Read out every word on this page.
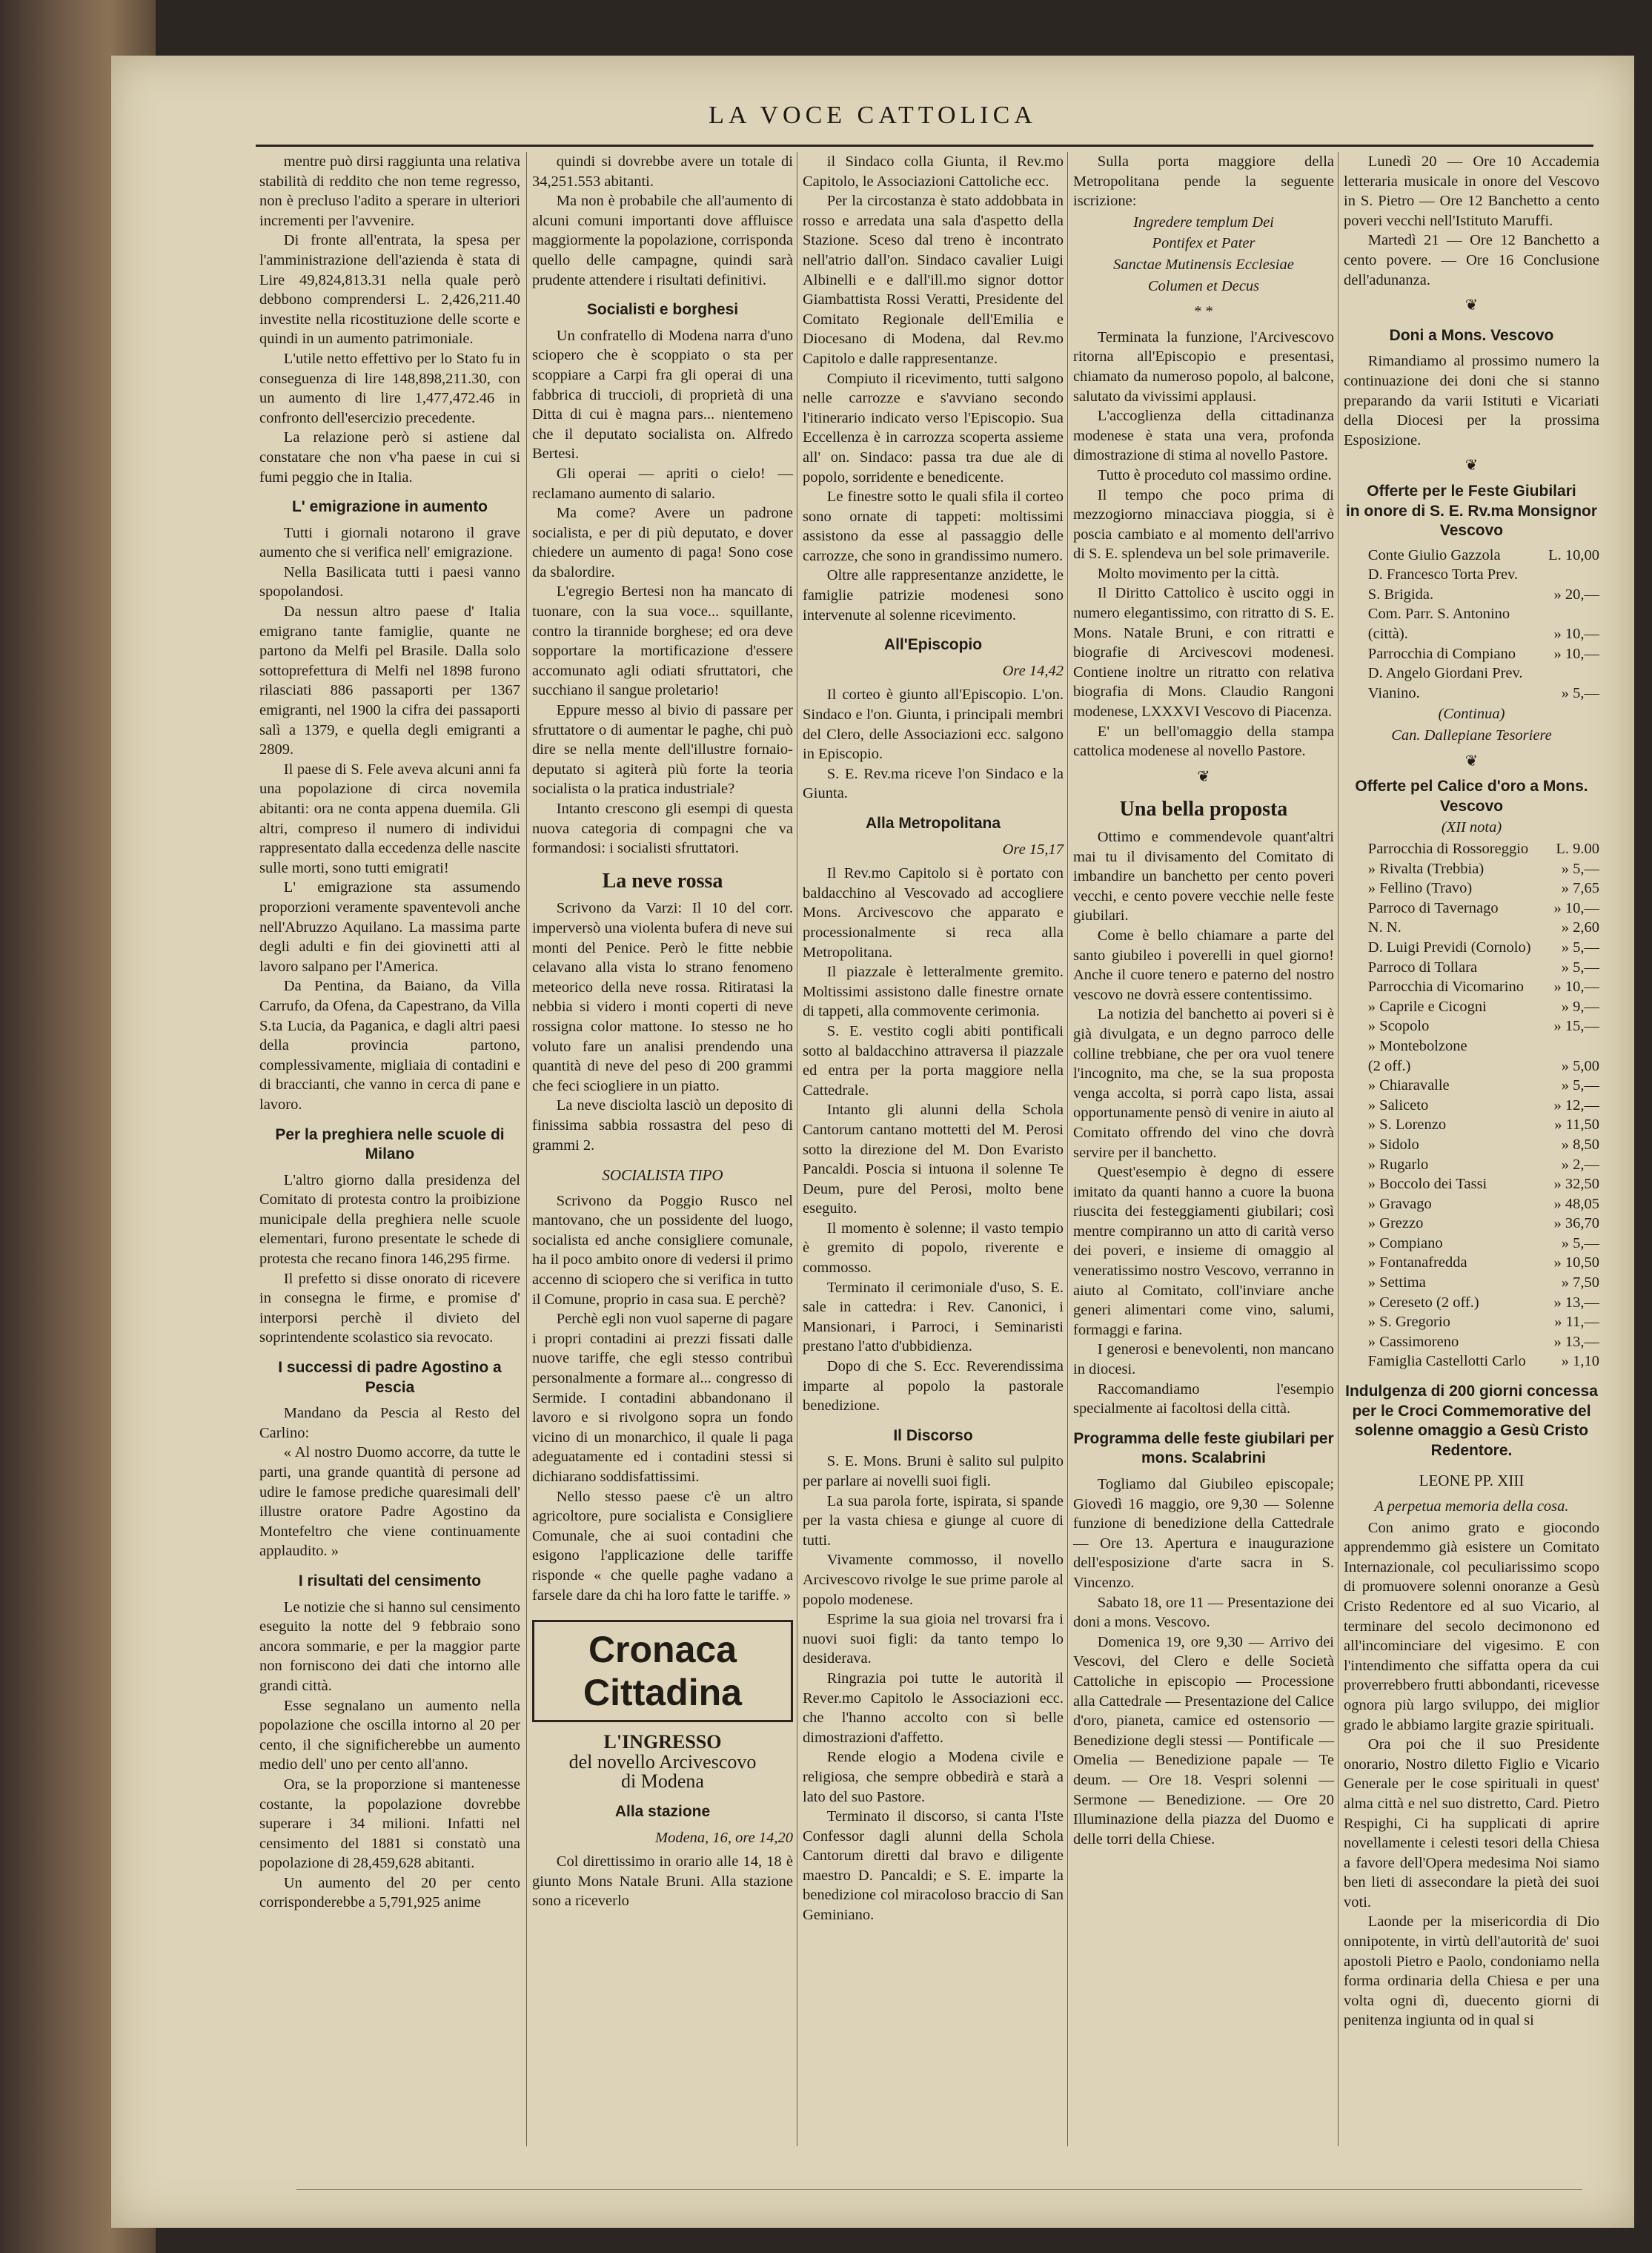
LA VOCE CATTOLICA

mentre può dirsi raggiunta una relativa stabilità di reddito che non teme regresso, non è precluso l'adito a sperare in ulteriori incrementi per l'avvenire.

Di fronte all'entrata, la spesa per l'amministrazione dell'azienda è stata di Lire 49,824,813.31 nella quale però debbono comprendersi L. 2,426,211.40 investite nella ricostituzione delle scorte e quindi in un aumento patrimoniale.

L'utile netto effettivo per lo Stato fu in conseguenza di lire 148,898,211.30, con un aumento di lire 1,477,472.46 in confronto dell'esercizio precedente.

La relazione però si astiene dal constatare che non v'ha paese in cui si fumi peggio che in Italia.

L' emigrazione in aumento

Tutti i giornali notarono il grave aumento che si verifica nell' emigrazione.

Nella Basilicata tutti i paesi vanno spopolandosi.

Da nessun altro paese d' Italia emigrano tante famiglie, quante ne partono da Melfi pel Brasile. Dalla solo sottoprefettura di Melfi nel 1898 furono rilasciati 886 passaporti per 1367 emigranti, nel 1900 la cifra dei passaporti salì a 1379, e quella degli emigranti a 2809.

Il paese di S. Fele aveva alcuni anni fa una popolazione di circa novemila abitanti: ora ne conta appena duemila. Gli altri, compreso il numero di individui rappresentato dalla eccedenza delle nascite sulle morti, sono tutti emigrati!

L' emigrazione sta assumendo proporzioni veramente spaventevoli anche nell'Abruzzo Aquilano. La massima parte degli adulti e fin dei giovinetti atti al lavoro salpano per l'America.

Da Pentina, da Baiano, da Villa Carrufo, da Ofena, da Capestrano, da Villa S.ta Lucia, da Paganica, e dagli altri paesi della provincia partono, complessivamente, migliaia di contadini e di braccianti, che vanno in cerca di pane e lavoro.

Per la preghiera nelle scuole di Milano

L'altro giorno dalla presidenza del Comitato di protesta contro la proibizione municipale della preghiera nelle scuole elementari, furono presentate le schede di protesta che recano finora 146,295 firme.

Il prefetto si disse onorato di ricevere in consegna le firme, e promise d' interporsi perchè il divieto del soprintendente scolastico sia revocato.

I successi di padre Agostino a Pescia

Mandano da Pescia al Resto del Carlino:

« Al nostro Duomo accorre, da tutte le parti, una grande quantità di persone ad udire le famose prediche quaresimali dell' illustre oratore Padre Agostino da Montefeltro che viene continuamente applaudito. »

I risultati del censimento

Le notizie che si hanno sul censimento eseguito la notte del 9 febbraio sono ancora sommarie, e per la maggior parte non forniscono dei dati che intorno alle grandi città.

Esse segnalano un aumento nella popolazione che oscilla intorno al 20 per cento, il che significherebbe un aumento medio dell' uno per cento all'anno.

Ora, se la proporzione si mantenesse costante, la popolazione dovrebbe superare i 34 milioni. Infatti nel censimento del 1881 si constatò una popolazione di 28,459,628 abitanti.

Un aumento del 20 per cento corrisponderebbe a 5,791,925 anime

quindi si dovrebbe avere un totale di 34,251.553 abitanti.

Ma non è probabile che all'aumento di alcuni comuni importanti dove affluisce maggiormente la popolazione, corrisponda quello delle campagne, quindi sarà prudente attendere i risultati definitivi.

Socialisti e borghesi

Un confratello di Modena narra d'uno sciopero che è scoppiato o sta per scoppiare a Carpi fra gli operai di una fabbrica di truccioli, di proprietà di una Ditta di cui è magna pars... nientemeno che il deputato socialista on. Alfredo Bertesi.

Gli operai — apriti o cielo! — reclamano aumento di salario.

Ma come? Avere un padrone socialista, e per di più deputato, e dover chiedere un aumento di paga! Sono cose da sbalordire.

L'egregio Bertesi non ha mancato di tuonare, con la sua voce... squillante, contro la tirannide borghese; ed ora deve sopportare la mortificazione d'essere accomunato agli odiati sfruttatori, che succhiano il sangue proletario!

Eppure messo al bivio di passare per sfruttatore o di aumentar le paghe, chi può dire se nella mente dell'illustre fornaio-deputato si agiterà più forte la teoria socialista o la pratica industriale?

Intanto crescono gli esempi di questa nuova categoria di compagni che va formandosi: i socialisti sfruttatori.

La neve rossa

Scrivono da Varzi: Il 10 del corr. imperversò una violenta bufera di neve sui monti del Penice. Però le fitte nebbie celavano alla vista lo strano fenomeno meteorico della neve rossa. Ritiratasi la nebbia si videro i monti coperti di neve rossigna color mattone. Io stesso ne ho voluto fare un analisi prendendo una quantità di neve del peso di 200 grammi che feci sciogliere in un piatto.

La neve disciolta lasciò un deposito di finissima sabbia rossastra del peso di grammi 2.

SOCIALISTA TIPO

Scrivono da Poggio Rusco nel mantovano, che un possidente del luogo, socialista ed anche consigliere comunale, ha il poco ambito onore di vedersi il primo accenno di sciopero che si verifica in tutto il Comune, proprio in casa sua. E perchè?

Perchè egli non vuol saperne di pagare i propri contadini ai prezzi fissati dalle nuove tariffe, che egli stesso contribuì personalmente a formare al... congresso di Sermide. I contadini abbandonano il lavoro e si rivolgono sopra un fondo vicino di un monarchico, il quale li paga adeguatamente ed i contadini stessi si dichiarano soddisfattissimi.

Nello stesso paese c'è un altro agricoltore, pure socialista e Consigliere Comunale, che ai suoi contadini che esigono l'applicazione delle tariffe risponde « che quelle paghe vadano a farsele dare da chi ha loro fatte le tariffe. »

Cronaca Cittadina
L'INGRESSO
del novello Arcivescovo
di Modena
Alla stazione
Modena, 16, ore 14,20

Col direttissimo in orario alle 14, 18 è giunto Mons Natale Bruni. Alla stazione sono a riceverlo

il Sindaco colla Giunta, il Rev.mo Capitolo, le Associazioni Cattoliche ecc.

Per la circostanza è stato addobbata in rosso e arredata una sala d'aspetto della Stazione. Sceso dal treno è incontrato nell'atrio dall'on. Sindaco cavalier Luigi Albinelli e e dall'ill.mo signor dottor Giambattista Rossi Veratti, Presidente del Comitato Regionale dell'Emilia e Diocesano di Modena, dal Rev.mo Capitolo e dalle rappresentanze.

Compiuto il ricevimento, tutti salgono nelle carrozze e s'avviano secondo l'itinerario indicato verso l'Episcopio. Sua Eccellenza è in carrozza scoperta assieme all' on. Sindaco: passa tra due ale di popolo, sorridente e benedicente.

Le finestre sotto le quali sfila il corteo sono ornate di tappeti: moltissimi assistono da esse al passaggio delle carrozze, che sono in grandissimo numero.

Oltre alle rappresentanze anzidette, le famiglie patrizie modenesi sono intervenute al solenne ricevimento.

All'Episcopio
Ore 14,42

Il corteo è giunto all'Episcopio. L'on. Sindaco e l'on. Giunta, i principali membri del Clero, delle Associazioni ecc. salgono in Episcopio.

S. E. Rev.ma riceve l'on Sindaco e la Giunta.

Alla Metropolitana
Ore 15,17

Il Rev.mo Capitolo si è portato con baldacchino al Vescovado ad accogliere Mons. Arcivescovo che apparato e processionalmente si reca alla Metropolitana.

Il piazzale è letteralmente gremito. Moltissimi assistono dalle finestre ornate di tappeti, alla commovente cerimonia.

S. E. vestito cogli abiti pontificali sotto al baldacchino attraversa il piazzale ed entra per la porta maggiore nella Cattedrale.

Intanto gli alunni della Schola Cantorum cantano mottetti del M. Perosi sotto la direzione del M. Don Evaristo Pancaldi. Poscia si intuona il solenne Te Deum, pure del Perosi, molto bene eseguito.

Il momento è solenne; il vasto tempio è gremito di popolo, riverente e commosso.

Terminato il cerimoniale d'uso, S. E. sale in cattedra: i Rev. Canonici, i Mansionari, i Parroci, i Seminaristi prestano l'atto d'ubbidienza.

Dopo di che S. Ecc. Reverendissima imparte al popolo la pastorale benedizione.

Il Discorso

S. E. Mons. Bruni è salito sul pulpito per parlare ai novelli suoi figli.

La sua parola forte, ispirata, si spande per la vasta chiesa e giunge al cuore di tutti.

Vivamente commosso, il novello Arcivescovo rivolge le sue prime parole al popolo modenese.

Esprime la sua gioia nel trovarsi fra i nuovi suoi figli: da tanto tempo lo desiderava.

Ringrazia poi tutte le autorità il Rever.mo Capitolo le Associazioni ecc. che l'hanno accolto con sì belle dimostrazioni d'affetto.

Rende elogio a Modena civile e religiosa, che sempre obbedirà e starà a lato del suo Pastore.

Terminato il discorso, si canta l'Iste Confessor dagli alunni della Schola Cantorum diretti dal bravo e diligente maestro D. Pancaldi; e S. E. imparte la benedizione col miracoloso braccio di San Geminiano.

Sulla porta maggiore della Metropolitana pende la seguente iscrizione:

Ingredere templum Dei

Pontifex et Pater

Sanctae Mutinensis Ecclesiae

Columen et Decus

* *

Terminata la funzione, l'Arcivescovo ritorna all'Episcopio e presentasi, chiamato da numeroso popolo, al balcone, salutato da vivissimi applausi.

L'accoglienza della cittadinanza modenese è stata una vera, profonda dimostrazione di stima al novello Pastore.

Tutto è proceduto col massimo ordine.

Il tempo che poco prima di mezzogiorno minacciava pioggia, si è poscia cambiato e al momento dell'arrivo di S. E. splendeva un bel sole primaverile.

Molto movimento per la città.

Il Diritto Cattolico è uscito oggi in numero elegantissimo, con ritratto di S. E. Mons. Natale Bruni, e con ritratti e biografie di Arcivescovi modenesi. Contiene inoltre un ritratto con relativa biografia di Mons. Claudio Rangoni modenese, LXXXVI Vescovo di Piacenza.

E' un bell'omaggio della stampa cattolica modenese al novello Pastore.

❦
Una bella proposta

Ottimo e commendevole quant'altri mai tu il divisamento del Comitato di imbandire un banchetto per cento poveri vecchi, e cento povere vecchie nelle feste giubilari.

Come è bello chiamare a parte del santo giubileo i poverelli in quel giorno! Anche il cuore tenero e paterno del nostro vescovo ne dovrà essere contentissimo.

La notizia del banchetto ai poveri si è già divulgata, e un degno parroco delle colline trebbiane, che per ora vuol tenere l'incognito, ma che, se la sua proposta venga accolta, si porrà capo lista, assai opportunamente pensò di venire in aiuto al Comitato offrendo del vino che dovrà servire per il banchetto.

Quest'esempio è degno di essere imitato da quanti hanno a cuore la buona riuscita dei festeggiamenti giubilari; così mentre compiranno un atto di carità verso dei poveri, e insieme di omaggio al veneratissimo nostro Vescovo, verranno in aiuto al Comitato, coll'inviare anche generi alimentari come vino, salumi, formaggi e farina.

I generosi e benevolenti, non mancano in diocesi.

Raccomandiamo l'esempio specialmente ai facoltosi della città.

Programma delle feste giubilari per mons. Scalabrini

Togliamo dal Giubileo episcopale; Giovedì 16 maggio, ore 9,30 — Solenne funzione di benedizione della Cattedrale — Ore 13. Apertura e inaugurazione dell'esposizione d'arte sacra in S. Vincenzo.

Sabato 18, ore 11 — Presentazione dei doni a mons. Vescovo.

Domenica 19, ore 9,30 — Arrivo dei Vescovi, del Clero e delle Società Cattoliche in episcopio — Processione alla Cattedrale — Presentazione del Calice d'oro, pianeta, camice ed ostensorio — Benedizione degli stessi — Pontificale — Omelia — Benedizione papale — Te deum. — Ore 18. Vespri solenni — Sermone — Benedizione. — Ore 20 Illuminazione della piazza del Duomo e delle torri della Chiese.

Lunedì 20 — Ore 10 Accademia letteraria musicale in onore del Vescovo in S. Pietro — Ore 12 Banchetto a cento poveri vecchi nell'Istituto Maruffi.

Martedì 21 — Ore 12 Banchetto a cento povere. — Ore 16 Conclusione dell'adunanza.

❦
Doni a Mons. Vescovo

Rimandiamo al prossimo numero la continuazione dei doni che si stanno preparando da varii Istituti e Vicariati della Diocesi per la prossima Esposizione.

❦
Offerte per le Feste Giubilari
in onore di S. E. Rv.ma Monsignor Vescovo

Conte Giulio Gazzola	L. 10,00

D. Francesco Torta Prev.

S. Brigida.	» 20,—

Com. Parr. S. Antonino

(città).	» 10,—

Parrocchia di Compiano	» 10,—

D. Angelo Giordani Prev.

Vianino.	» 5,—

(Continua)

Can. Dallepiane Tesoriere

❦
Offerte pel Calice d'oro a Mons. Vescovo

(XII nota)

Parrocchia di Rossoreggio	L. 9.00

» Rivalta (Trebbia)	» 5,—

» Fellino (Travo)	» 7,65

Parroco di Tavernago	» 10,—

N. N.	» 2,60

D. Luigi Previdi (Cornolo)	» 5,—

Parroco di Tollara	» 5,—

Parrocchia di Vicomarino	» 10,—

» Caprile e Cicogni	» 9,—

» Scopolo	» 15,—

» Montebolzone

(2 off.)	» 5,00

» Chiaravalle	» 5,—

» Saliceto	» 12,—

» S. Lorenzo	» 11,50

» Sidolo	» 8,50

» Rugarlo	» 2,—

» Boccolo dei Tassi	» 32,50

» Gravago	» 48,05

» Grezzo	» 36,70

» Compiano	» 5,—

» Fontanafredda	» 10,50

» Settima	» 7,50

» Cereseto (2 off.)	» 13,—

» S. Gregorio	» 11,—

» Cassimoreno	» 13,—

Famiglia Castellotti Carlo	» 1,10

Indulgenza di 200 giorni concessa per le Croci Commemorative del solenne omaggio a Gesù Cristo Redentore.
LEONE PP. XIII

A perpetua memoria della cosa.

Con animo grato e giocondo apprendemmo già esistere un Comitato Internazionale, col peculiarissimo scopo di promuovere solenni onoranze a Gesù Cristo Redentore ed al suo Vicario, al terminare del secolo decimonono ed all'incominciare del vigesimo. E con l'intendimento che siffatta opera da cui proverrebbero frutti abbondanti, ricevesse ognora più largo sviluppo, dei miglior grado le abbiamo largite grazie spirituali.

Ora poi che il suo Presidente onorario, Nostro diletto Figlio e Vicario Generale per le cose spirituali in quest' alma città e nel suo distretto, Card. Pietro Respighi, Ci ha supplicati di aprire novellamente i celesti tesori della Chiesa a favore dell'Opera medesima Noi siamo ben lieti di assecondare la pietà dei suoi voti.

Laonde per la misericordia di Dio onnipotente, in virtù dell'autorità de' suoi apostoli Pietro e Paolo, condoniamo nella forma ordinaria della Chiesa e per una volta ogni dì, duecento giorni di penitenza ingiunta od in qual si
